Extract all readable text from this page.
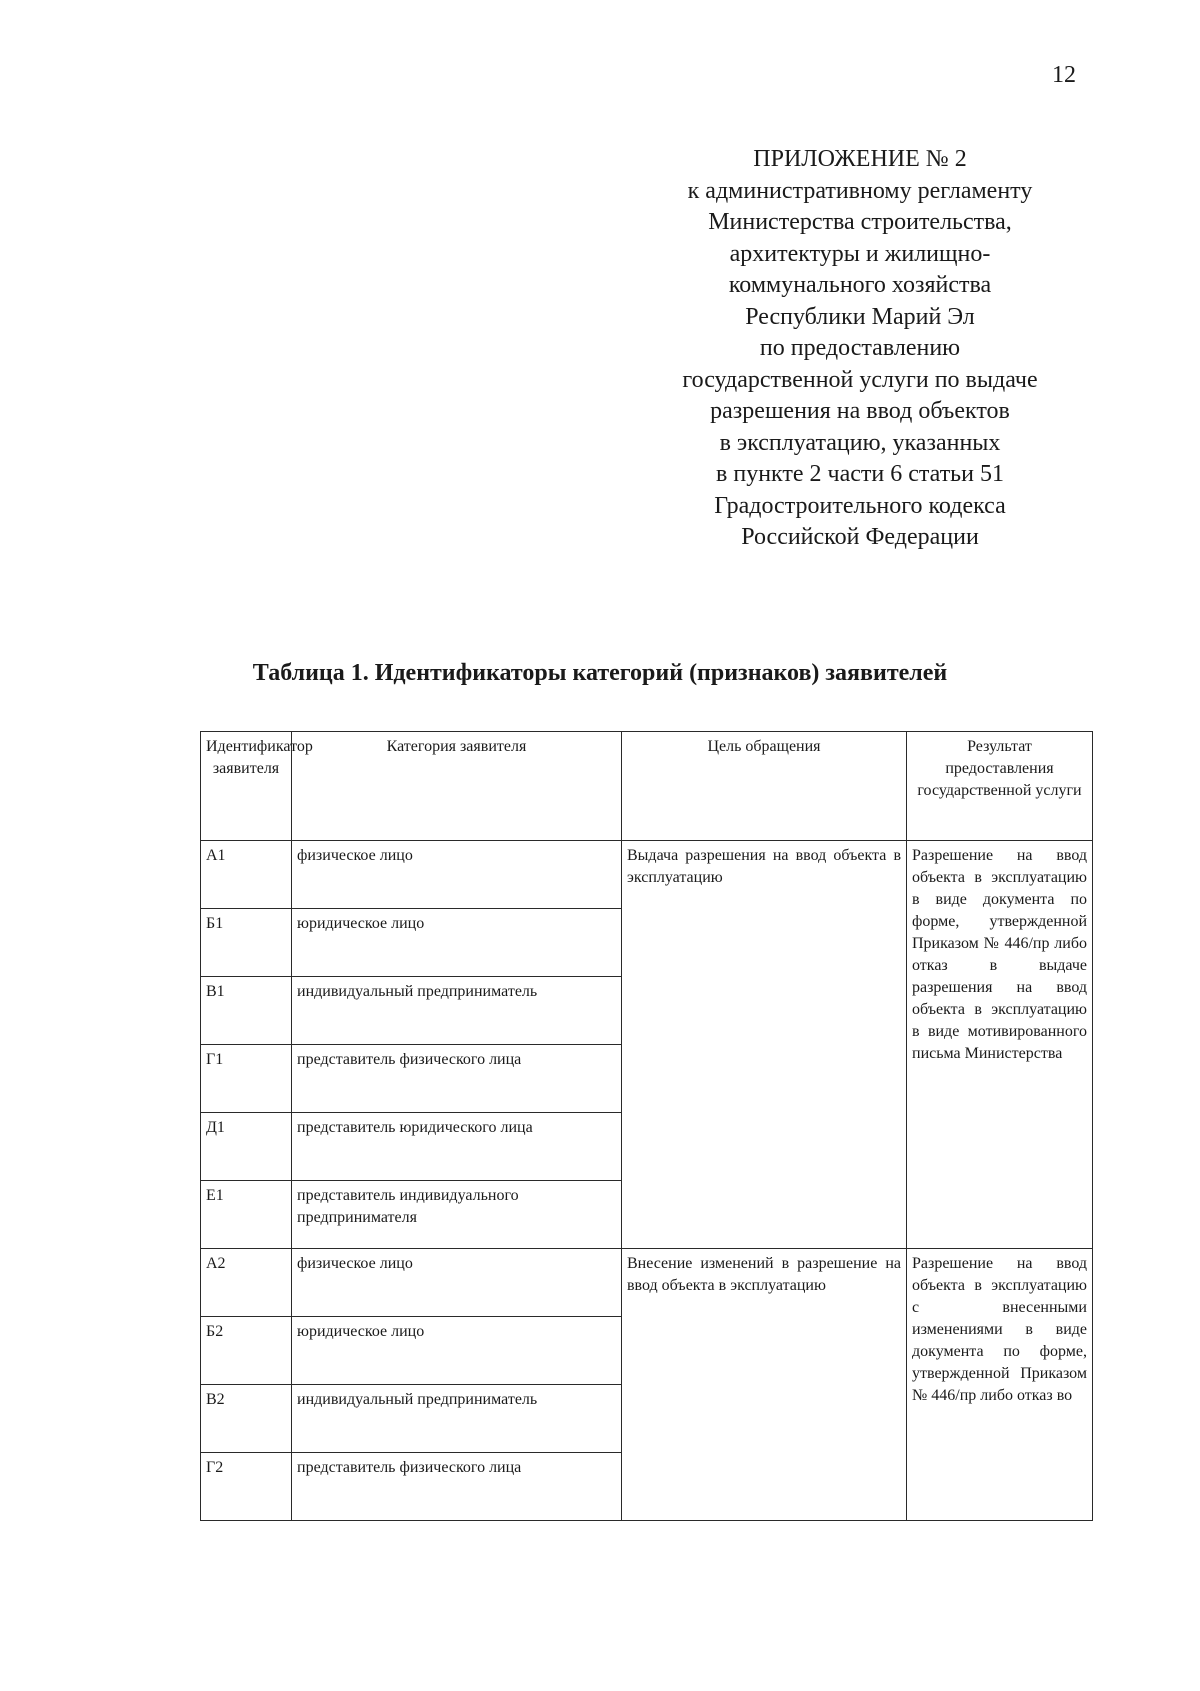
12
ПРИЛОЖЕНИЕ № 2
к административному регламенту
Министерства строительства,
архитектуры и жилищно-
коммунального хозяйства
Республики Марий Эл
по предоставлению
государственной услуги по выдаче
разрешения на ввод объектов
в эксплуатацию, указанных
в пункте 2 части 6 статьи 51
Градостроительного кодекса
Российской Федерации
Таблица 1. Идентификаторы категорий (признаков) заявителей
Идентификатор заявителя	Категория заявителя	Цель обращения	Результат предоставления государственной услуги
А1	физическое лицо	Выдача разрешения на ввод объекта в эксплуатацию	Разрешение на ввод объекта в эксплуатацию в виде документа по форме, утвержденной Приказом № 446/пр либо отказ в выдаче разрешения на ввод объекта в эксплуатацию в виде мотивированного письма Министерства
Б1	юридическое лицо		
В1	индивидуальный предприниматель		
Г1	представитель физического лица		
Д1	представитель юридического лица		
Е1	представитель индивидуального предпринимателя		
А2	физическое лицо	Внесение изменений в разрешение на ввод объекта в эксплуатацию	Разрешение на ввод объекта в эксплуатацию с внесенными изменениями в виде документа по форме, утвержденной Приказом № 446/пр либо отказ во
Б2	юридическое лицо		
В2	индивидуальный предприниматель		
Г2	представитель физического лица		
